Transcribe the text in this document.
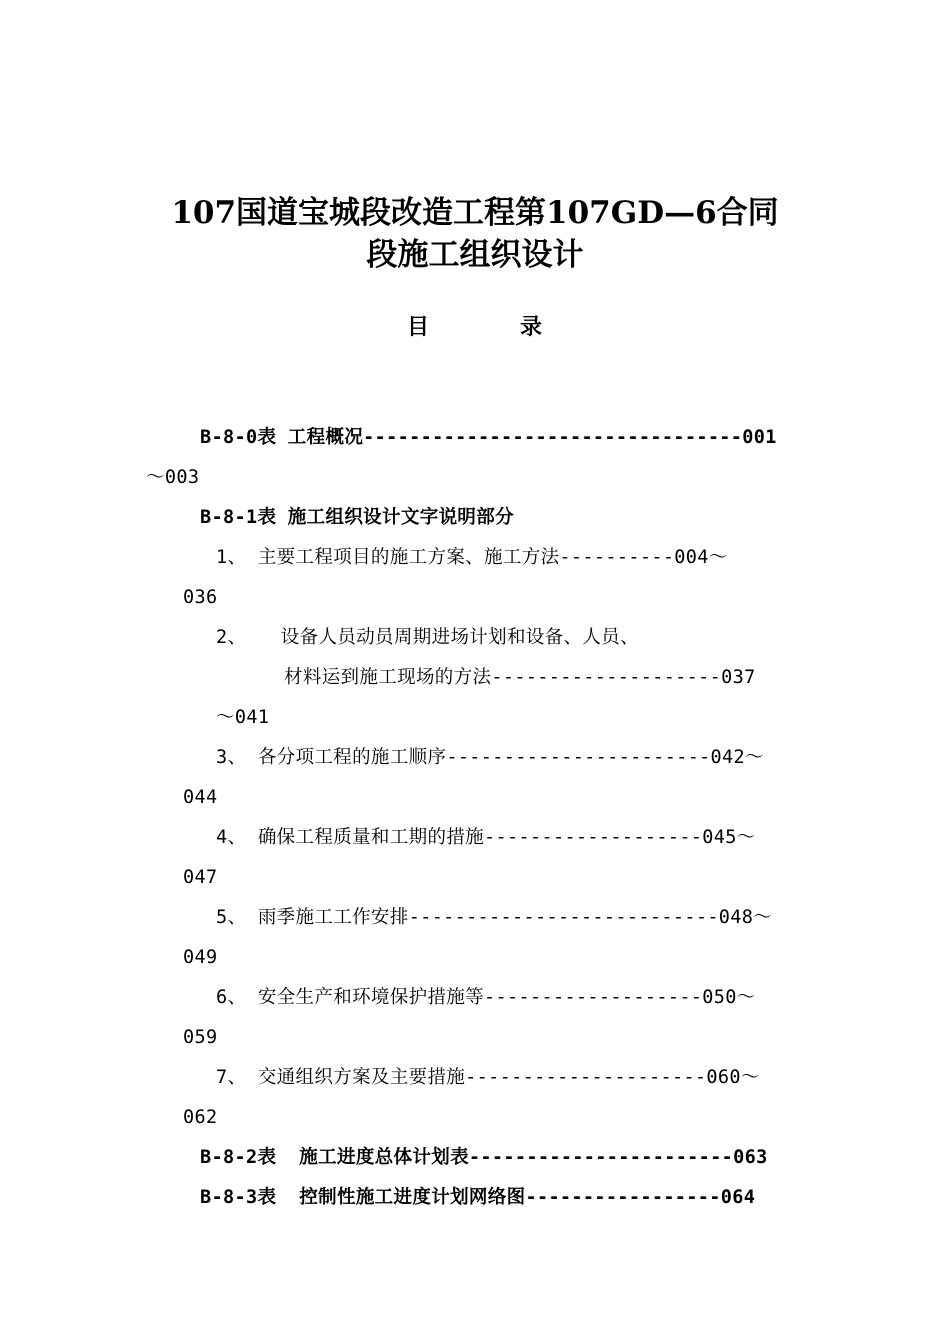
107国道宝城段改造工程第107GD—6合同
段施工组织设计
目	录
B-8-0表 工程概况---------------------------------001
～003
B-8-1表 施工组织设计文字说明部分
1、 主要工程项目的施工方案、施工方法----------004～
036
2、   设备人员动员周期进场计划和设备、人员、
材料运到施工现场的方法--------------------037
～041
3、 各分项工程的施工顺序-----------------------042～
044
4、 确保工程质量和工期的措施-------------------045～
047
5、 雨季施工工作安排---------------------------048～
049
6、 安全生产和环境保护措施等-------------------050～
059
7、 交通组织方案及主要措施---------------------060～
062
B-8-2表  施工进度总体计划表-----------------------063
B-8-3表  控制性施工进度计划网络图-----------------064
